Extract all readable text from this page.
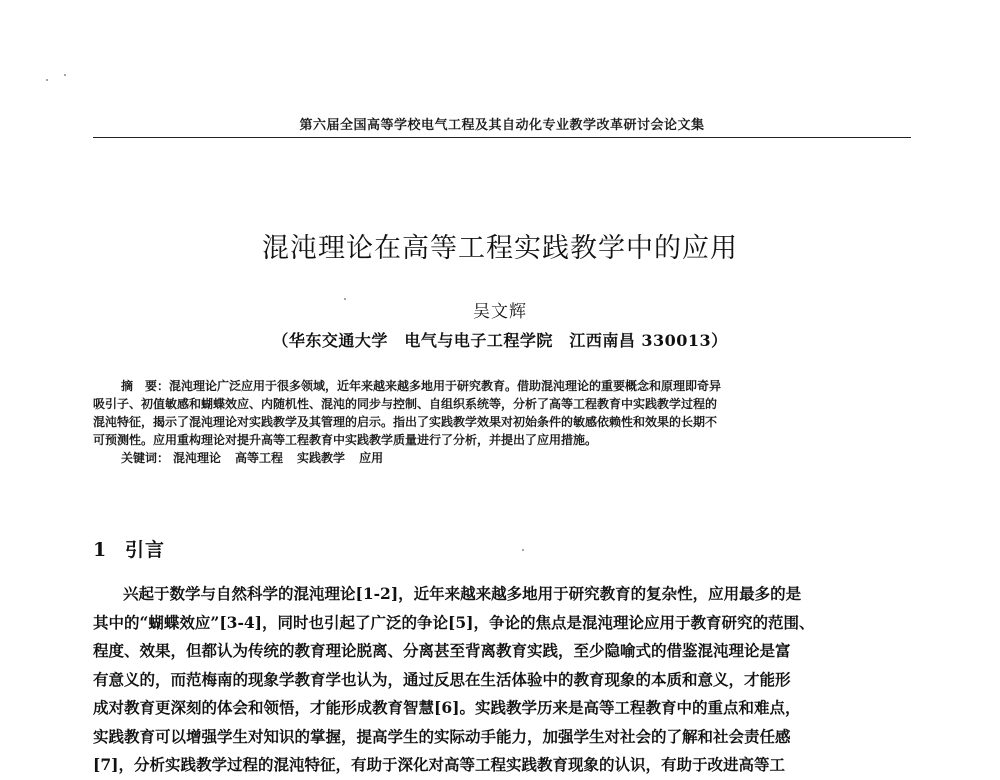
第六届全国高等学校电气工程及其自动化专业教学改革研讨会论文集
混沌理论在高等工程实践教学中的应用
吴文辉
（华东交通大学　电气与电子工程学院　江西南昌 330013）
摘　要：混沌理论广泛应用于很多领域，近年来越来越多地用于研究教育。借助混沌理论的重要概念和原理即奇异
吸引子、初值敏感和蝴蝶效应、内随机性、混沌的同步与控制、自组织系统等，分析了高等工程教育中实践教学过程的
混沌特征，揭示了混沌理论对实践教学及其管理的启示。指出了实践教学效果对初始条件的敏感依赖性和效果的长期不
可预测性。应用重构理论对提升高等工程教育中实践教学质量进行了分析，并提出了应用措施。
关键词： 混沌理论 高等工程 实践教学 应用
1 引言
兴起于数学与自然科学的混沌理论[1-2]，近年来越来越多地用于研究教育的复杂性，应用最多的是
其中的“蝴蝶效应”[3-4]，同时也引起了广泛的争论[5]，争论的焦点是混沌理论应用于教育研究的范围、
程度、效果，但都认为传统的教育理论脱离、分离甚至背离教育实践，至少隐喻式的借鉴混沌理论是富
有意义的，而范梅南的现象学教育学也认为，通过反思在生活体验中的教育现象的本质和意义，才能形
成对教育更深刻的体会和领悟，才能形成教育智慧[6]。实践教学历来是高等工程教育中的重点和难点，
实践教育可以增强学生对知识的掌握，提高学生的实际动手能力，加强学生对社会的了解和社会责任感
[7]，分析实践教学过程的混沌特征，有助于深化对高等工程实践教育现象的认识，有助于改进高等工
